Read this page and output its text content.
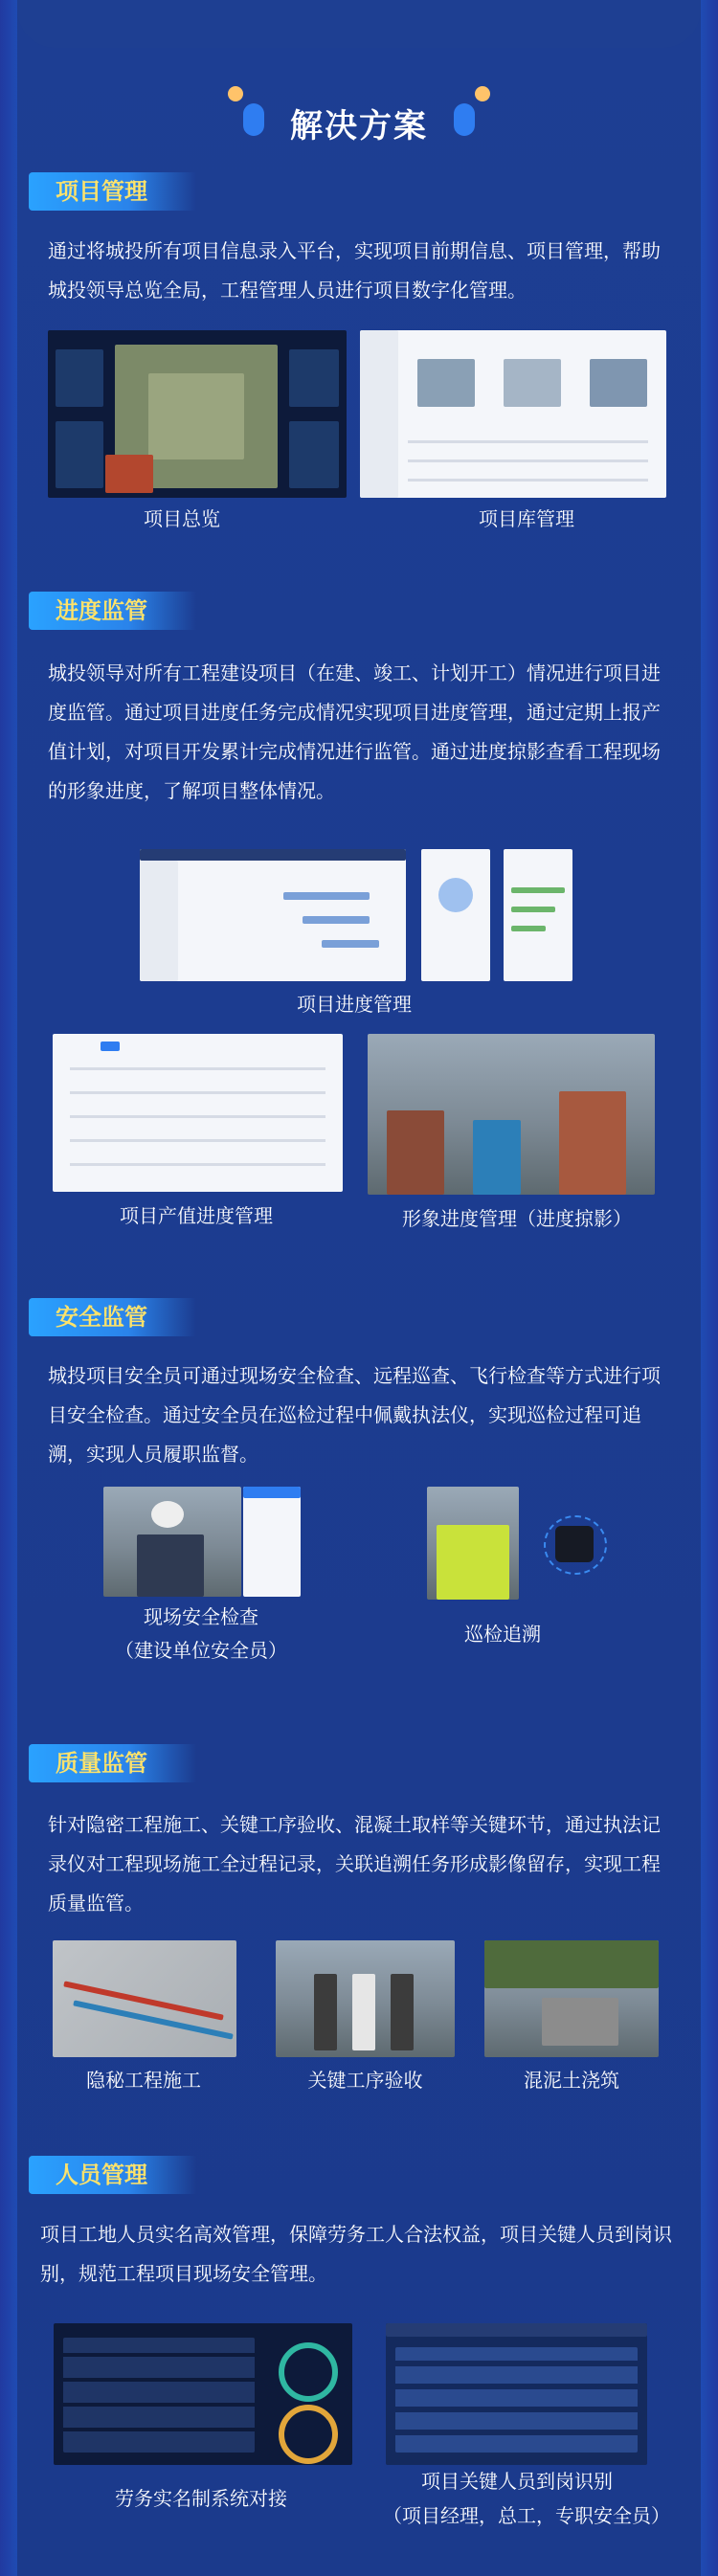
解决方案
项目管理
通过将城投所有项目信息录入平台，实现项目前期信息、项目管理，帮助城投领导总览全局，工程管理人员进行项目数字化管理。
项目总览	项目库管理
进度监管
城投领导对所有工程建设项目（在建、竣工、计划开工）情况进行项目进度监管。通过项目进度任务完成情况实现项目进度管理，通过定期上报产值计划，对项目开发累计完成情况进行监管。通过进度掠影查看工程现场的形象进度，了解项目整体情况。
项目进度管理
项目产值进度管理	形象进度管理（进度掠影）
安全监管
城投项目安全员可通过现场安全检查、远程巡查、飞行检查等方式进行项目安全检查。通过安全员在巡检过程中佩戴执法仪，实现巡检过程可追溯，实现人员履职监督。
现场安全检查
（建设单位安全员）
巡检追溯
质量监管
针对隐密工程施工、关键工序验收、混凝土取样等关键环节，通过执法记录仪对工程现场施工全过程记录，关联追溯任务形成影像留存，实现工程质量监管。
隐秘工程施工	关键工序验收	混泥土浇筑
人员管理
项目工地人员实名高效管理，保障劳务工人合法权益，项目关键人员到岗识别，规范工程项目现场安全管理。
劳务实名制系统对接
项目关键人员到岗识别
（项目经理，总工，专职安全员）
